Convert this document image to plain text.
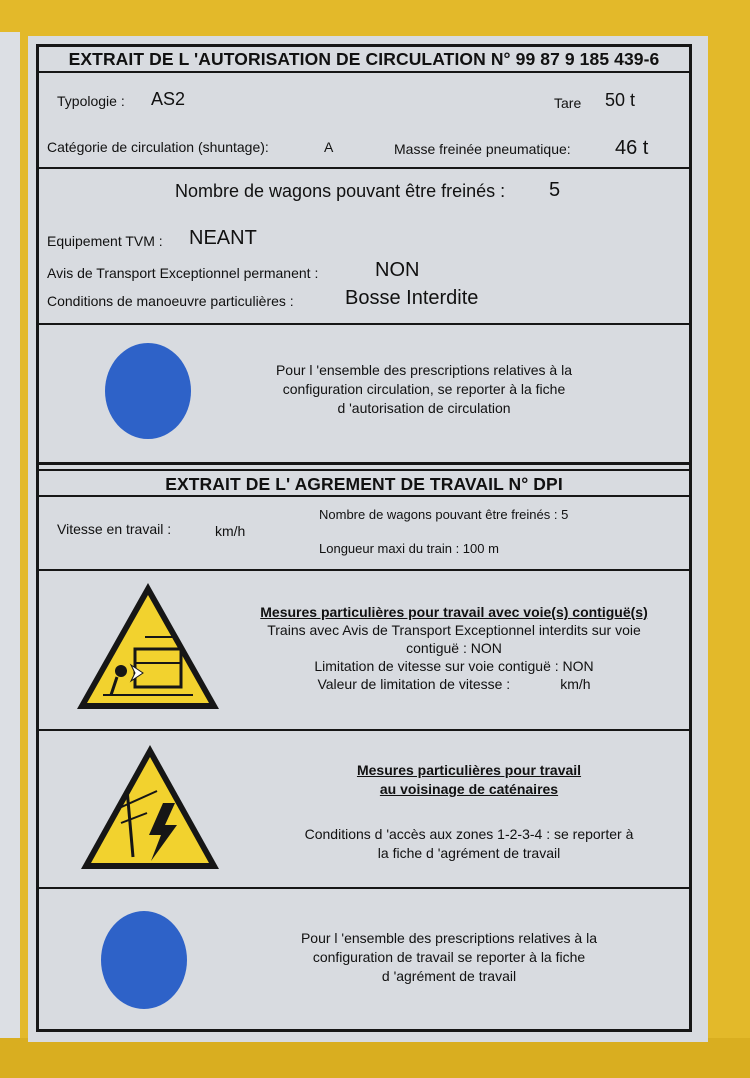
EXTRAIT DE L 'AUTORISATION DE CIRCULATION N° 99 87 9 185 439-6
Typologie : AS2	Tare 50 t
Catégorie de circulation (shuntage):	A	Masse freinée pneumatique: 46 t
Nombre de wagons pouvant être freinés : 5
Equipement TVM : NEANT
Avis de Transport Exceptionnel permanent :	NON
Conditions de manoeuvre particulières :	Bosse Interdite
Pour l 'ensemble des prescriptions relatives à la
configuration circulation, se reporter à la fiche
d 'autorisation de circulation
EXTRAIT DE L' AGREMENT DE TRAVAIL N° DPI
Vitesse en travail :	km/h
Nombre de wagons pouvant être freinés : 5
Longueur maxi du train : 100 m
Mesures particulières pour travail avec voie(s) contiguë(s)
Trains avec Avis de Transport Exceptionnel interdits sur voie
contiguë : NON
Limitation de vitesse sur voie contiguë : NON
Valeur de limitation de vitesse :	km/h
Mesures particulières pour travail
au voisinage de caténaires
Conditions d 'accès aux zones 1-2-3-4 : se reporter à
la fiche d 'agrément de travail
Pour l 'ensemble des prescriptions relatives à la
configuration de travail se reporter à la fiche
d 'agrément de travail
